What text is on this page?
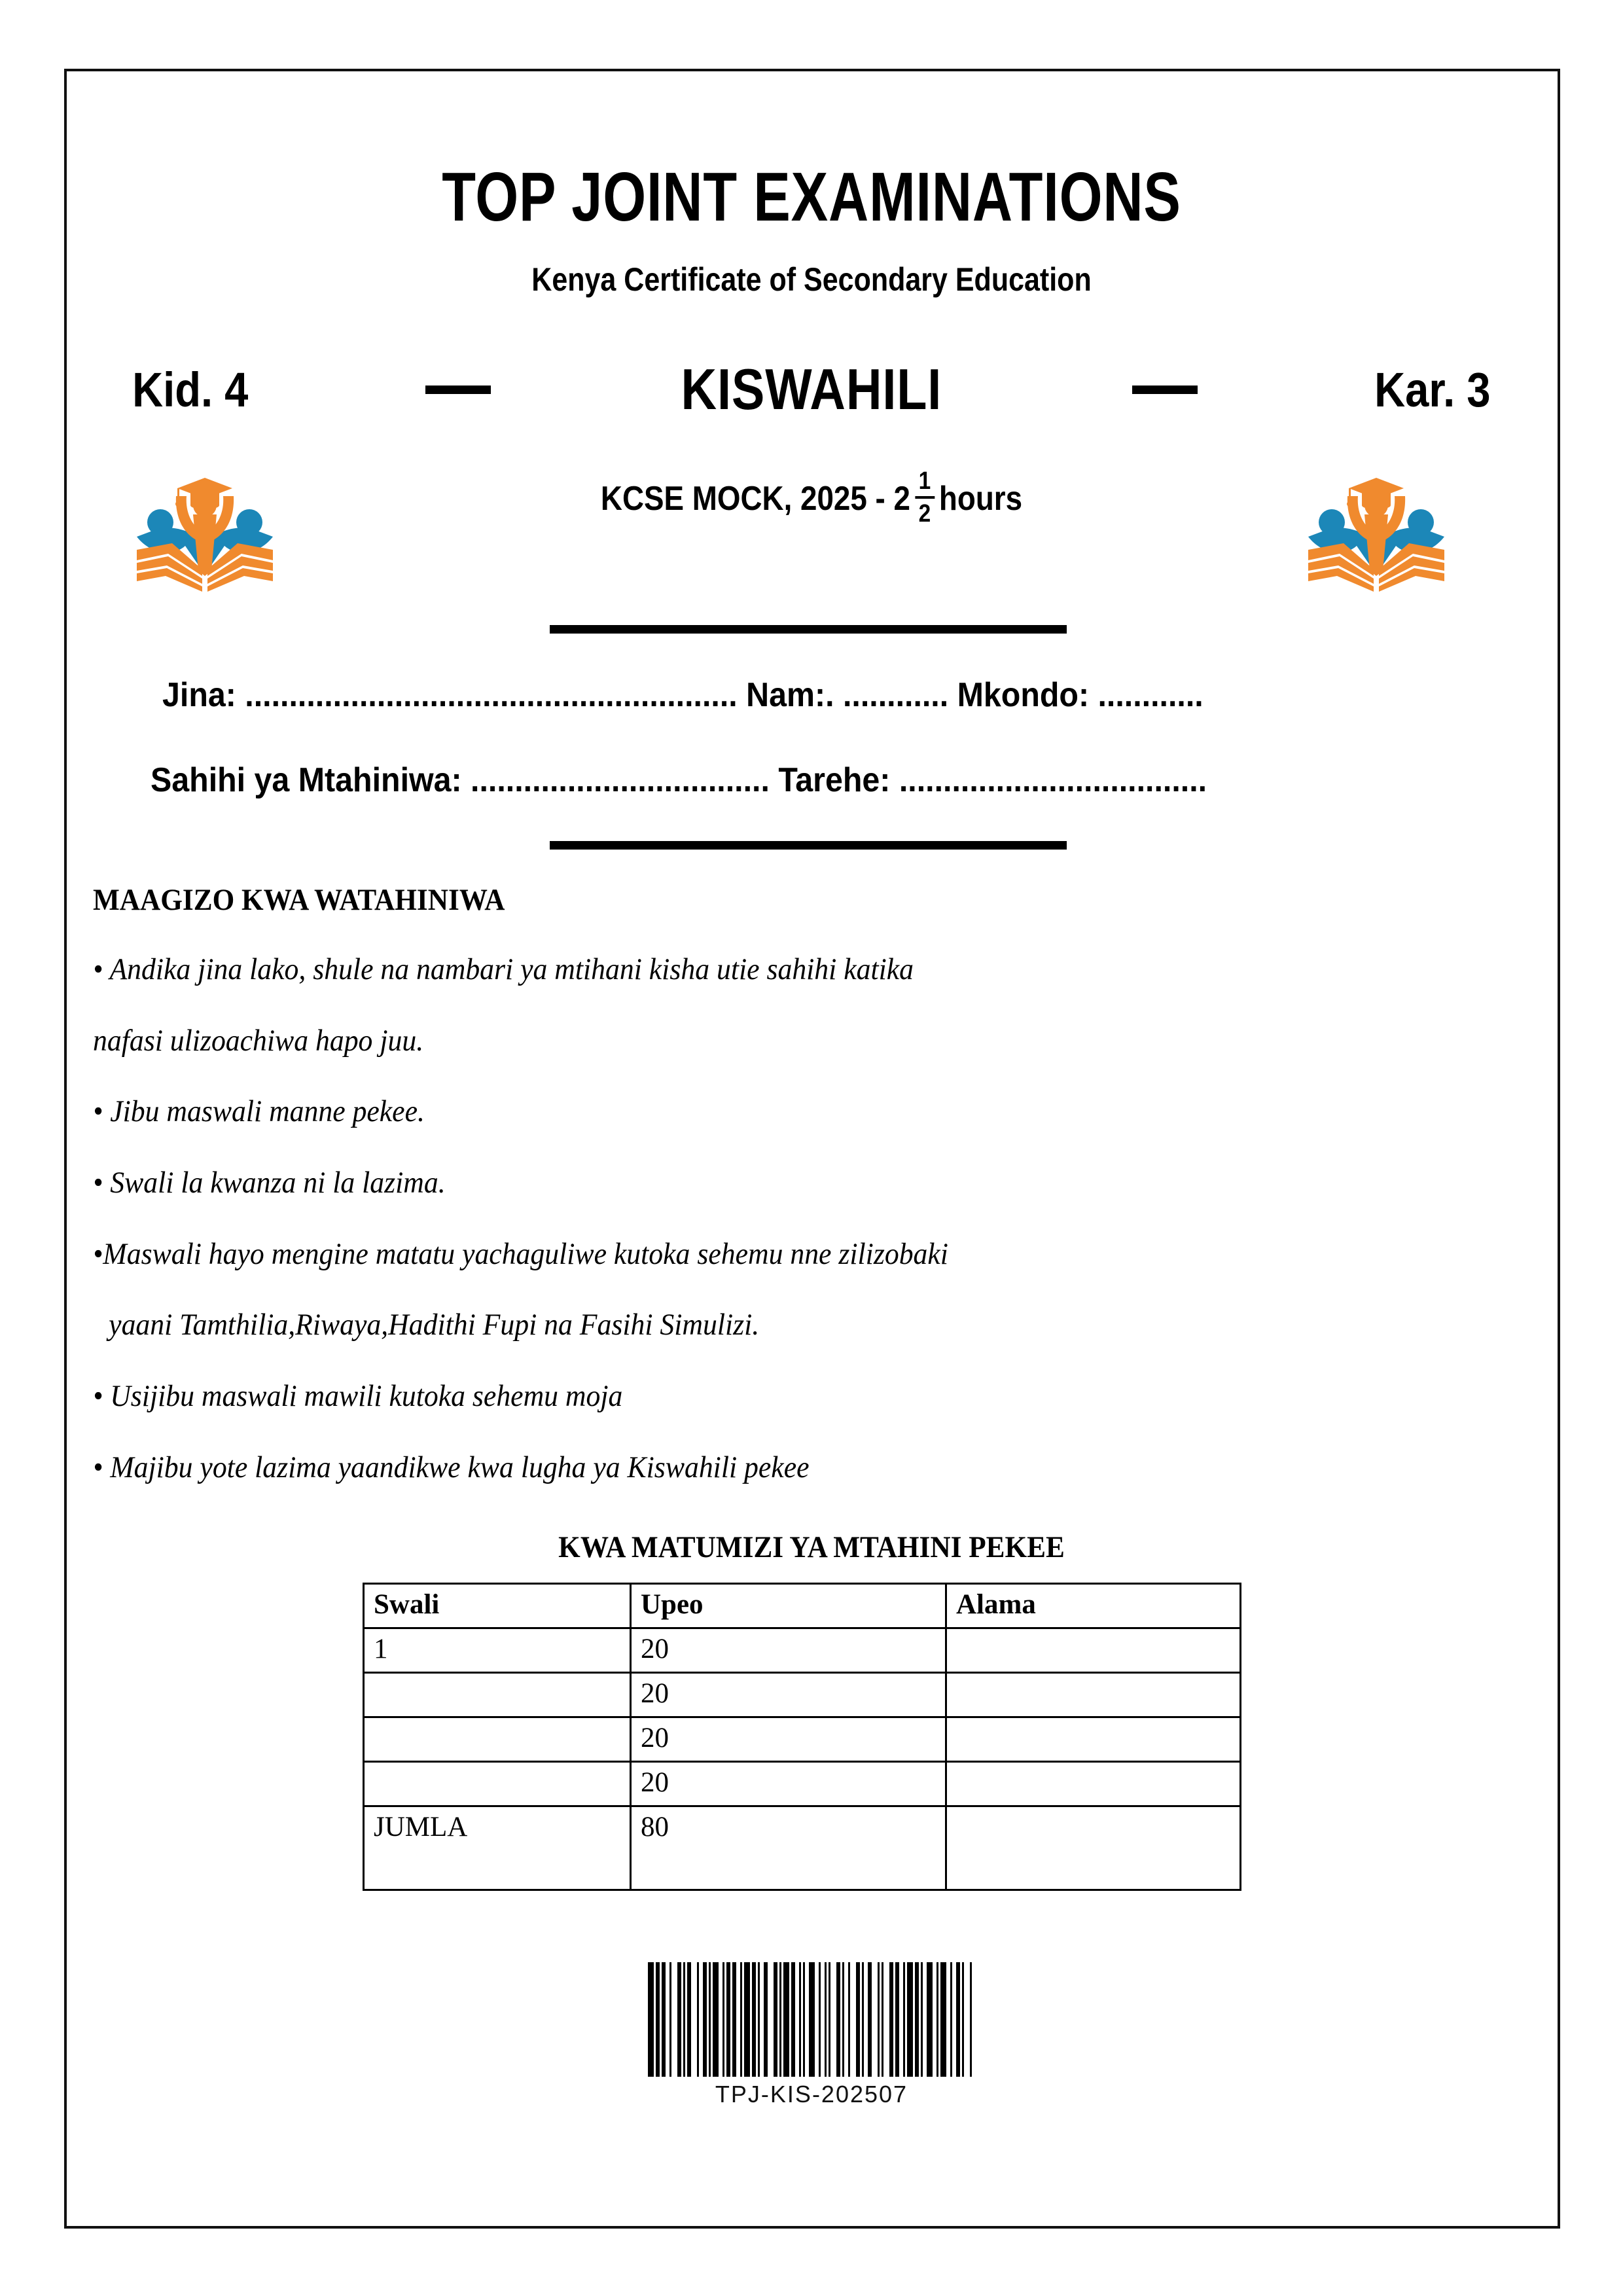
TOP JOINT EXAMINATIONS
Kenya Certificate of Secondary Education
Kid. 4	KISWAHILI	Kar. 3
KCSE MOCK, $2025 - 2 \frac{1}{2}$ hours
Jina: ........................................................ Nam:. ............ Mkondo: ............
Sahihi ya Mtahiniwa: .................................. Tarehe: ...................................
MAAGIZO KWA WATAHINIWA
• Andika jina lako, shule na nambari ya mtihani kisha utie sahihi katika
nafasi ulizoachiwa hapo juu.
• Jibu maswali manne pekee.
• Swali la kwanza ni la lazima.
•Maswali hayo mengine matatu yachaguliwe kutoka sehemu nne zilizobaki
yaani Tamthilia,Riwaya,Hadithi Fupi na Fasihi Simulizi.
• Usijibu maswali mawili kutoka sehemu moja
• Majibu yote lazima yaandikwe kwa lugha ya Kiswahili pekee
KWA MATUMIZI YA MTAHINI PEKEE
Swali	Upeo	Alama
1	20	
	20	
	20	
	20	
JUMLA	80	
TPJ-KIS-202507
